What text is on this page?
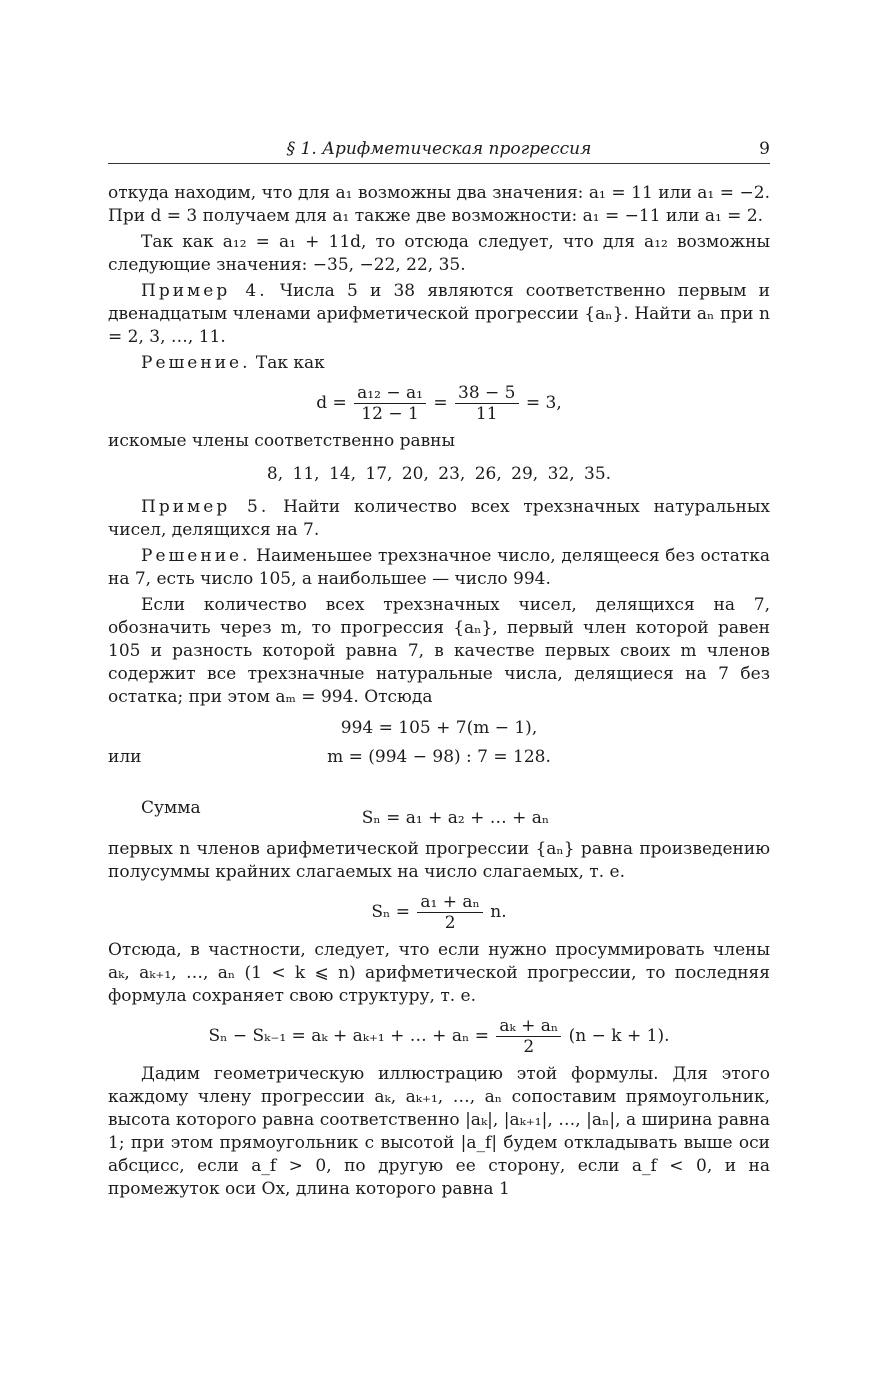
§ 1. Арифметическая прогрессия	9

откуда находим, что для a₁ возможны два значения: a₁ = 11 или a₁ = −2. При d = 3 получаем для a₁ также две возможности: a₁ = −11 или a₁ = 2.

Так как a₁₂ = a₁ + 11d, то отсюда следует, что для a₁₂ возможны следующие значения: −35, −22, 22, 35.

Пример 4. Числа 5 и 38 являются соответственно первым и двенадцатым членами арифметической прогрессии {aₙ}. Найти aₙ при n = 2, 3, …, 11.

Решение. Так как

$d = \frac{\text{a₁₂ − a₁}}{12 - 1} = \frac{38 - 5}{11} = 3$,

искомые члены соответственно равны

8, 11, 14, 17, 20, 23, 26, 29, 32, 35.

Пример 5. Найти количество всех трехзначных натуральных чисел, делящихся на 7.

Решение. Наименьшее трехзначное число, делящееся без остатка на 7, есть число 105, а наибольшее — число 994.

Если количество всех трехзначных чисел, делящихся на 7, обозначить через m, то прогрессия {aₙ}, первый член которой равен 105 и разность которой равна 7, в качестве первых своих m членов содержит все трехзначные натуральные числа, делящиеся на 7 без остатка; при этом aₘ = 994. Отсюда

994 = 105 + 7(m − 1),
или	m = (994 − 98) : 7 = 128.
Сумма	Sₙ = a₁ + a₂ + … + aₙ

первых n членов арифметической прогрессии {aₙ} равна произведению полусуммы крайних слагаемых на число слагаемых, т. е.

$S_n = \frac{\text{a₁ + aₙ}}{2} n$.

Отсюда, в частности, следует, что если нужно просуммировать члены aₖ, aₖ₊₁, …, aₙ (1 < k ⩽ n) арифметической прогрессии, то последняя формула сохраняет свою структуру, т. е.

Sₙ − Sₖ₋₁ = aₖ + aₖ₊₁ + … + $a_n = \frac{\text{aₖ + aₙ}}{2} (n - k + 1)$.

Дадим геометрическую иллюстрацию этой формулы. Для этого каждому члену прогрессии aₖ, aₖ₊₁, …, aₙ сопоставим прямоугольник, высота которого равна соответственно |aₖ|, |aₖ₊₁|, …, |aₙ|, а ширина равна 1; при этом прямоугольник с высотой |a_f| будем откладывать выше оси абсцисс, если a_f > 0, по другую ее сторону, если a_f < 0, и на промежуток оси Ox, длина которого равна 1
